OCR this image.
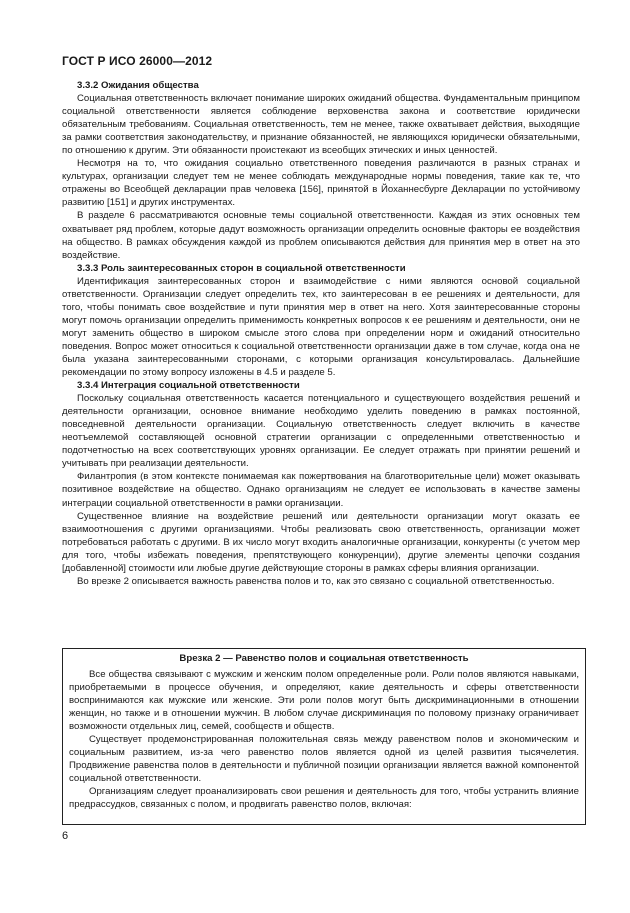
ГОСТ Р ИСО 26000—2012
3.3.2 Ожидания общества

Социальная ответственность включает понимание широких ожиданий общества. Фундаментальным принципом социальной ответственности является соблюдение верховенства закона и соответствие юридически обязательным требованиям. Социальная ответственность, тем не менее, также охватывает действия, выходящие за рамки соответствия законодательству, и признание обязанностей, не являющихся юридически обязательными, по отношению к другим. Эти обязанности проистекают из всеобщих этических и иных ценностей.

Несмотря на то, что ожидания социально ответственного поведения различаются в разных странах и культурах, организации следует тем не менее соблюдать международные нормы поведения, такие как те, что отражены во Всеобщей декларации прав человека [156], принятой в Йоханнесбурге Декларации по устойчивому развитию [151] и других инструментах.

В разделе 6 рассматриваются основные темы социальной ответственности. Каждая из этих основных тем охватывает ряд проблем, которые дадут возможность организации определить основные факторы ее воздействия на общество. В рамках обсуждения каждой из проблем описываются действия для принятия мер в ответ на это воздействие.

3.3.3 Роль заинтересованных сторон в социальной ответственности

Идентификация заинтересованных сторон и взаимодействие с ними являются основой социальной ответственности. Организации следует определить тех, кто заинтересован в ее решениях и деятельности, для того, чтобы понимать свое воздействие и пути принятия мер в ответ на него. Хотя заинтересованные стороны могут помочь организации определить применимость конкретных вопросов к ее решениям и деятельности, они не могут заменить общество в широком смысле этого слова при определении норм и ожиданий относительно поведения. Вопрос может относиться к социальной ответственности организации даже в том случае, когда она не была указана заинтересованными сторонами, с которыми организация консультировалась. Дальнейшие рекомендации по этому вопросу изложены в 4.5 и разделе 5.

3.3.4 Интеграция социальной ответственности

Поскольку социальная ответственность касается потенциального и существующего воздействия решений и деятельности организации, основное внимание необходимо уделить поведению в рамках постоянной, повседневной деятельности организации. Социальную ответственность следует включить в качестве неотъемлемой составляющей основной стратегии организации с определенными ответственностью и подотчетностью на всех соответствующих уровнях организации. Ее следует отражать при принятии решений и учитывать при реализации деятельности.

Филантропия (в этом контексте понимаемая как пожертвования на благотворительные цели) может оказывать позитивное воздействие на общество. Однако организациям не следует ее использовать в качестве замены интеграции социальной ответственности в рамки организации.

Существенное влияние на воздействие решений или деятельности организации могут оказать ее взаимоотношения с другими организациями. Чтобы реализовать свою ответственность, организации может потребоваться работать с другими. В их число могут входить аналогичные организации, конкуренты (с учетом мер для того, чтобы избежать поведения, препятствующего конкуренции), другие элементы цепочки создания [добавленной] стоимости или любые другие действующие стороны в рамках сферы влияния организации.

Во врезке 2 описывается важность равенства полов и то, как это связано с социальной ответственностью.

Врезка 2 — Равенство полов и социальная ответственность

Все общества связывают с мужским и женским полом определенные роли. Роли полов являются навыками, приобретаемыми в процессе обучения, и определяют, какие деятельность и сферы ответственности воспринимаются как мужские или женские. Эти роли полов могут быть дискриминационными в отношении женщин, но также и в отношении мужчин. В любом случае дискриминация по половому признаку ограничивает возможности отдельных лиц, семей, сообществ и обществ.

Существует продемонстрированная положительная связь между равенством полов и экономическим и социальным развитием, из-за чего равенство полов является одной из целей развития тысячелетия. Продвижение равенства полов в деятельности и публичной позиции организации является важной компонентой социальной ответственности.

Организациям следует проанализировать свои решения и деятельность для того, чтобы устранить влияние предрассудков, связанных с полом, и продвигать равенство полов, включая:

6
